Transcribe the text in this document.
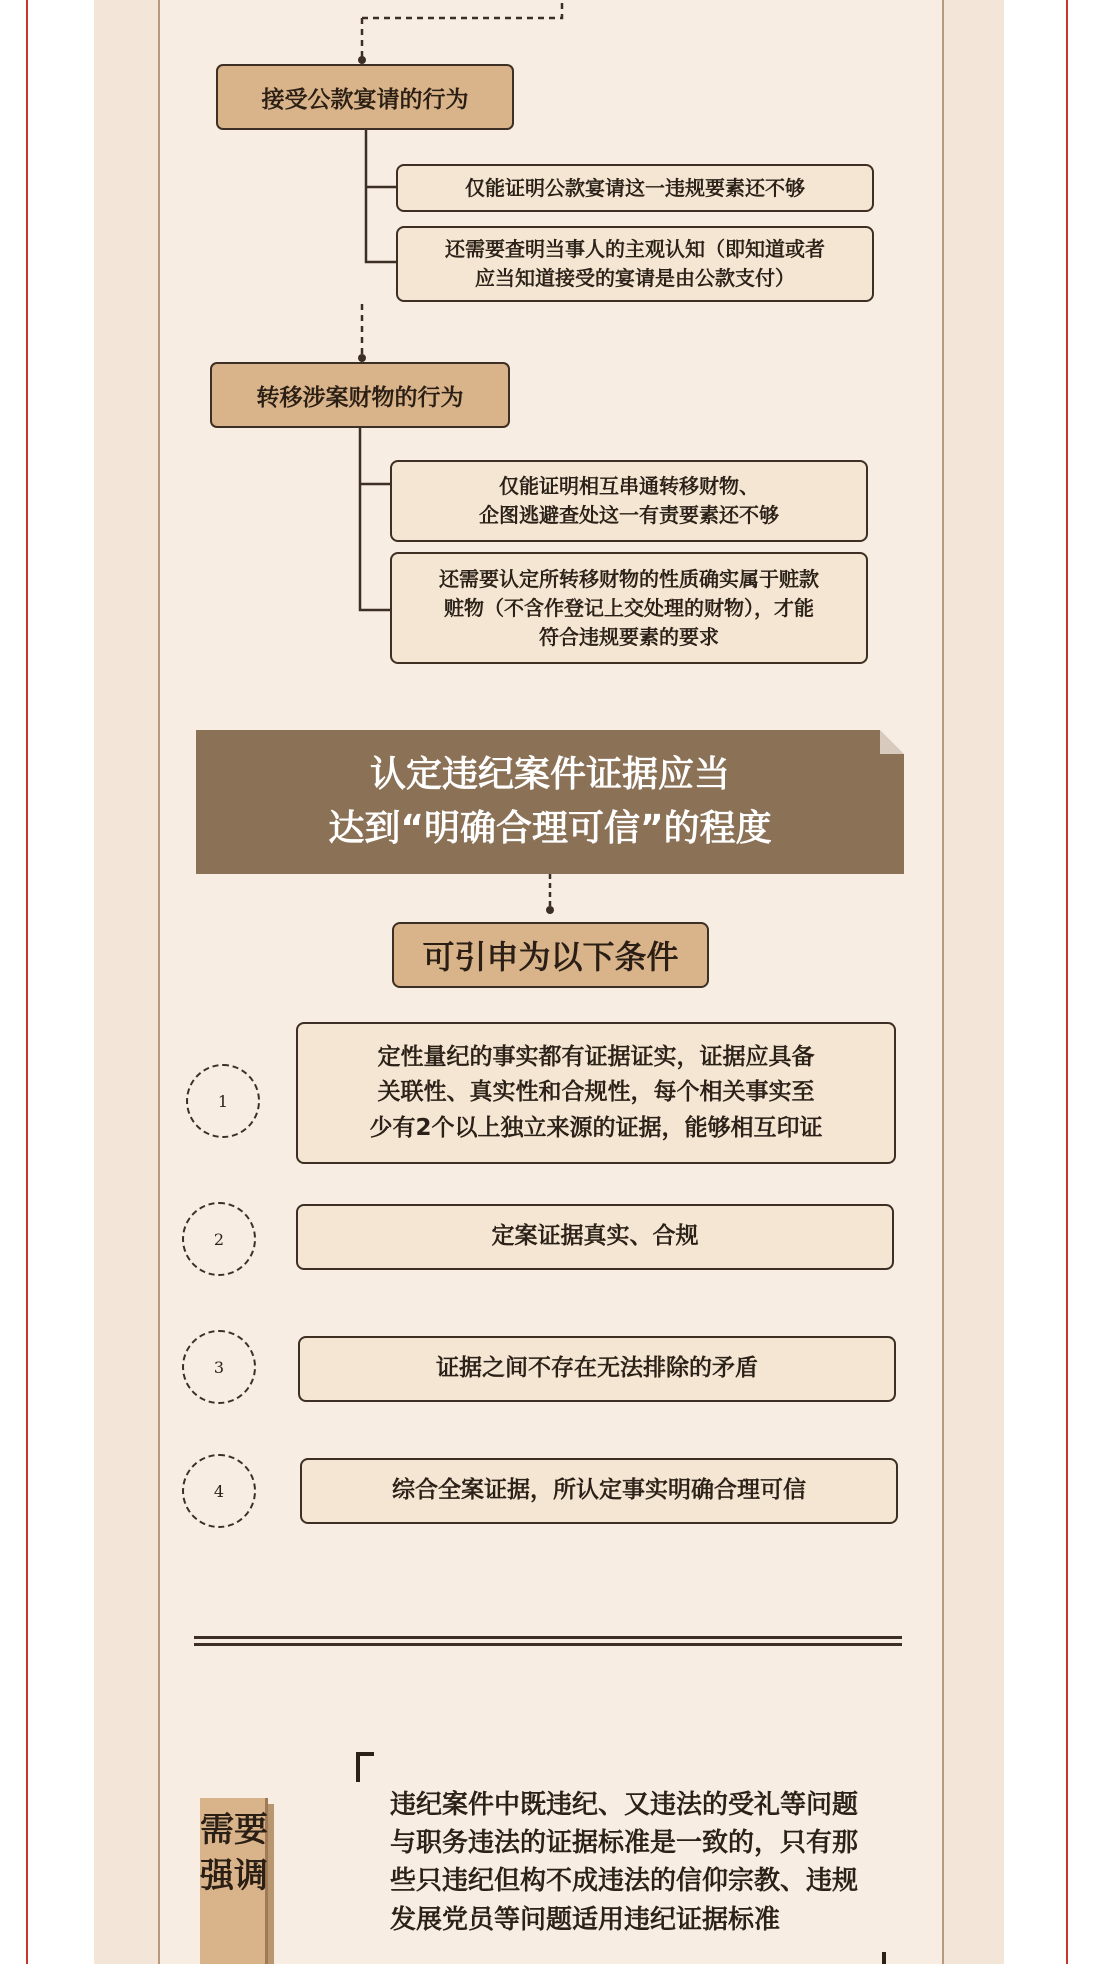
接受公款宴请的行为
仅能证明公款宴请这一违规要素还不够
还需要查明当事人的主观认知（即知道或者
应当知道接受的宴请是由公款支付）
转移涉案财物的行为
仅能证明相互串通转移财物、
企图逃避查处这一有责要素还不够
还需要认定所转移财物的性质确实属于赃款
赃物（不含作登记上交处理的财物），才能
符合违规要素的要求
认定违纪案件证据应当
达到“明确合理可信”的程度
可引申为以下条件
1
定性量纪的事实都有证据证实，证据应具备
关联性、真实性和合规性，每个相关事实至
少有2个以上独立来源的证据，能够相互印证
2	定案证据真实、合规
3	证据之间不存在无法排除的矛盾
4	综合全案证据，所认定事实明确合理可信
需要强调
违纪案件中既违纪、又违法的受礼等问题与职务违法的证据标准是一致的，只有那些只违纪但构不成违法的信仰宗教、违规发展党员等问题适用违纪证据标准
